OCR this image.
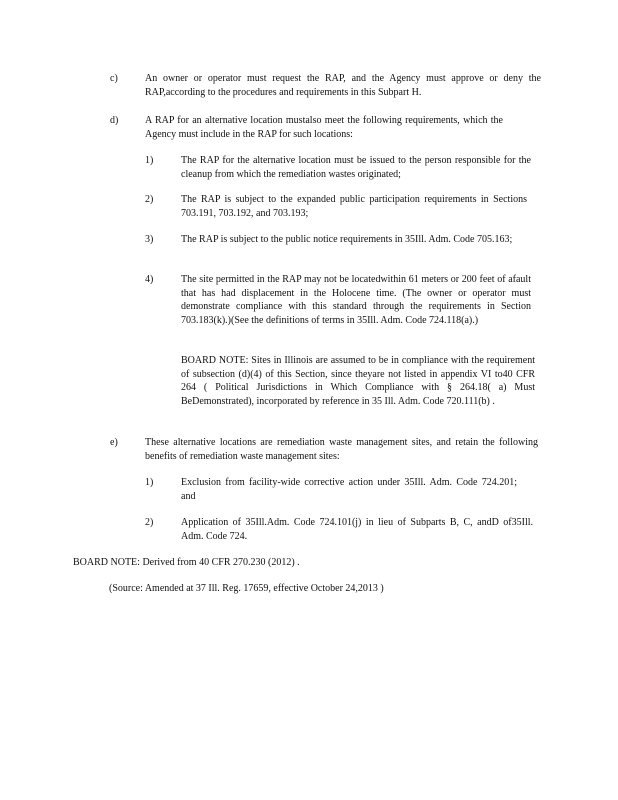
c)	An owner or operator must request the RAP, and the Agency must approve or deny the RAP,according to the procedures and requirements in this Subpart H.

d)	A RAP for an alternative location mustalso meet the following requirements, which the Agency must include in the RAP for such locations:

1)	The RAP for the alternative location must be issued to the person responsible for the cleanup from which the remediation wastes originated;

2)	The RAP is subject to the expanded public participation requirements in Sections 703.191, 703.192, and 703.193;

3)	The RAP is subject to the public notice requirements in 35Ill. Adm. Code 705.163;

4)	The site permitted in the RAP may not be locatedwithin 61 meters or 200 feet of afault that has had displacement in the Holocene time. (The owner or operator must demonstrate compliance with this standard through the requirements in Section 703.183(k).)(See the definitions of terms in 35Ill. Adm. Code 724.118(a).)

BOARD NOTE: Sites in Illinois are assumed to be in compliance with the requirement of subsection (d)(4) of this Section, since theyare not listed in appendix VI to40 CFR 264 ( Political Jurisdictions in Which Compliance with § 264.18( a) Must BeDemonstrated), incorporated by reference in 35 Ill. Adm. Code 720.111(b) .

e)	These alternative locations are remediation waste management sites, and retain the following benefits of remediation waste management sites:

1)	Exclusion from facility-wide corrective action under 35Ill. Adm. Code 724.201; and

2)	Application of 35Ill.Adm. Code 724.101(j) in lieu of Subparts B, C, andD of35Ill. Adm. Code 724.

BOARD NOTE: Derived from 40 CFR 270.230 (2012) .

(Source: Amended at 37 Ill. Reg. 17659, effective October 24,2013 )
